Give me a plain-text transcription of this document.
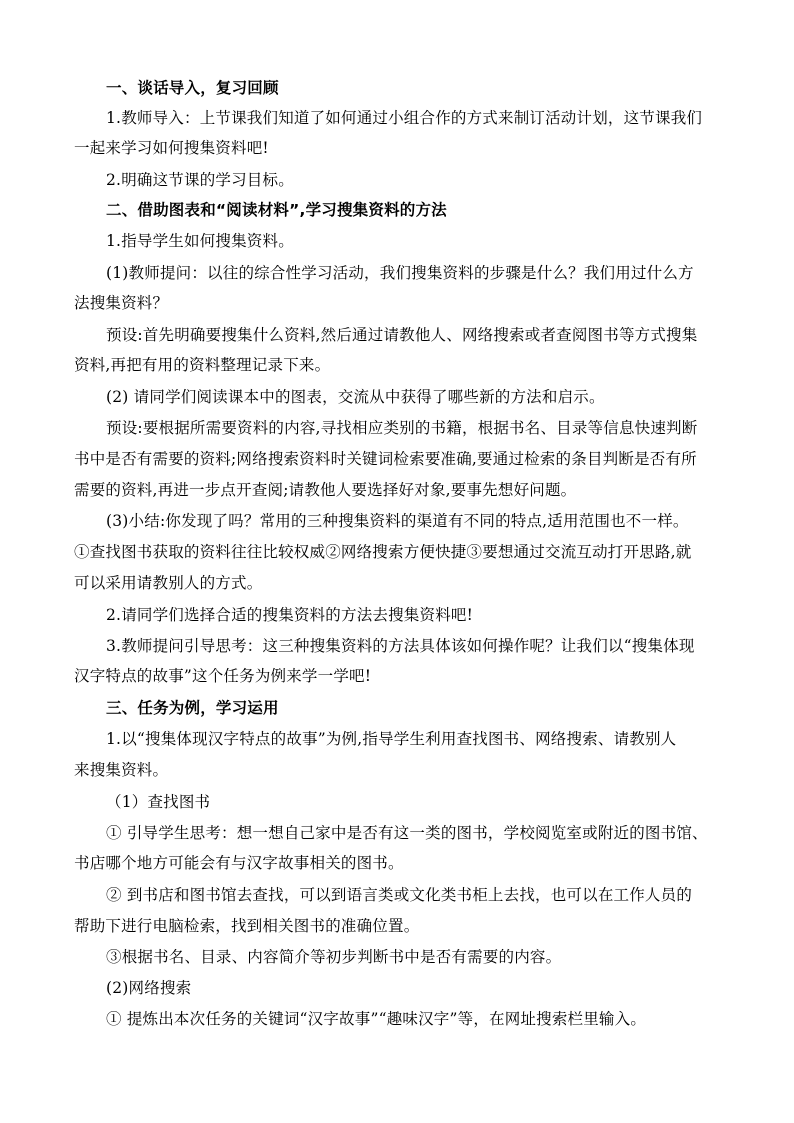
一、谈话导入，复习回顾
1.教师导入：上节课我们知道了如何通过小组合作的方式来制订活动计划，这节课我们
一起来学习如何搜集资料吧!
2.明确这节课的学习目标。
二、借助图表和“阅读材料”,学习搜集资料的方法
1.指导学生如何搜集资料。
(1)教师提问：以往的综合性学习活动，我们搜集资料的步骤是什么？我们用过什么方
法搜集资料？
预设:首先明确要搜集什么资料,然后通过请教他人、网络搜索或者查阅图书等方式搜集
资料,再把有用的资料整理记录下来。
(2) 请同学们阅读课本中的图表，交流从中获得了哪些新的方法和启示。
预设:要根据所需要资料的内容,寻找相应类别的书籍，根据书名、目录等信息快速判断
书中是否有需要的资料;网络搜索资料时关键词检索要准确,要通过检索的条目判断是否有所
需要的资料,再进一步点开查阅;请教他人要选择好对象,要事先想好问题。
(3)小结:你发现了吗？常用的三种搜集资料的渠道有不同的特点,适用范围也不一样。
①查找图书获取的资料往往比较权威②网络搜索方便快捷③要想通过交流互动打开思路,就
可以采用请教别人的方式。
2.请同学们选择合适的搜集资料的方法去搜集资料吧!
3.教师提问引导思考：这三种搜集资料的方法具体该如何操作呢？让我们以“搜集体现
汉字特点的故事”这个任务为例来学一学吧!
三、任务为例，学习运用
1.以“搜集体现汉字特点的故事”为例,指导学生利用查找图书、网络搜索、请教别人
来搜集资料。
（1）查找图书
① 引导学生思考：想一想自己家中是否有这一类的图书，学校阅览室或附近的图书馆、
书店哪个地方可能会有与汉字故事相关的图书。
② 到书店和图书馆去查找，可以到语言类或文化类书柜上去找，也可以在工作人员的
帮助下进行电脑检索，找到相关图书的准确位置。
③根据书名、目录、内容简介等初步判断书中是否有需要的内容。
(2)网络搜索
① 提炼出本次任务的关键词“汉字故事”“趣味汉字”等，在网址搜索栏里输入。
